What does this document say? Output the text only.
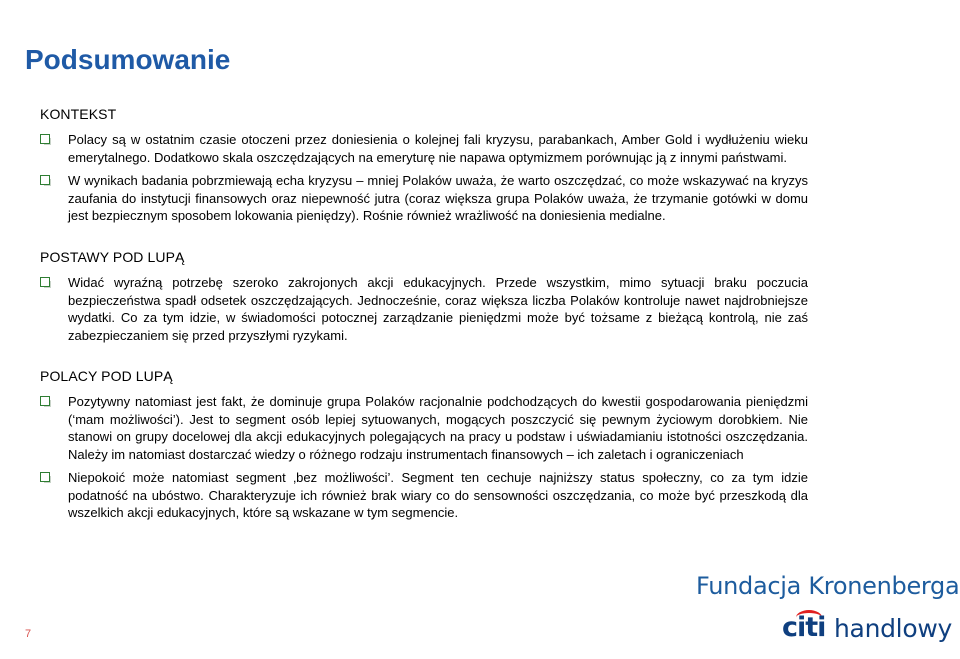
Podsumowanie
KONTEKST
Polacy są w ostatnim czasie otoczeni przez doniesienia o kolejnej fali kryzysu, parabankach, Amber Gold i wydłużeniu wieku emerytalnego. Dodatkowo skala oszczędzających na emeryturę nie napawa optymizmem porównując ją z innymi państwami.
W wynikach badania pobrzmiewają echa kryzysu – mniej Polaków uważa, że warto oszczędzać, co może wskazywać na kryzys zaufania do instytucji finansowych oraz niepewność jutra (coraz większa grupa Polaków uważa, że trzymanie gotówki w domu jest bezpiecznym sposobem lokowania pieniędzy). Rośnie również wrażliwość na doniesienia medialne.
POSTAWY POD LUPĄ
Widać wyraźną potrzebę szeroko zakrojonych akcji edukacyjnych. Przede wszystkim, mimo sytuacji braku poczucia bezpieczeństwa spadł odsetek oszczędzających. Jednocześnie, coraz większa liczba Polaków kontroluje nawet najdrobniejsze wydatki. Co za tym idzie, w świadomości potocznej zarządzanie pieniędzmi może być tożsame z bieżącą kontrolą, nie zaś zabezpieczaniem się przed przyszłymi ryzykami.
POLACY POD LUPĄ
Pozytywny natomiast jest fakt, że dominuje grupa Polaków racjonalnie podchodzących do kwestii gospodarowania pieniędzmi (‘mam możliwości’). Jest to segment osób lepiej sytuowanych, mogących poszczycić się pewnym życiowym dorobkiem. Nie stanowi on grupy docelowej dla akcji edukacyjnych polegających na pracy u podstaw i uświadamianiu istotności oszczędzania. Należy im natomiast dostarczać wiedzy o różnego rodzaju instrumentach finansowych – ich zaletach i ograniczeniach
Niepokoić może natomiast segment ‚bez możliwości’. Segment ten cechuje najniższy status społeczny, co za tym idzie podatność na ubóstwo. Charakteryzuje ich również brak wiary co do sensowności oszczędzania, co może być przeszkodą dla wszelkich akcji edukacyjnych, które są wskazane w tym segmencie.
7
Fundacja Kronenberga
citi handlowy
